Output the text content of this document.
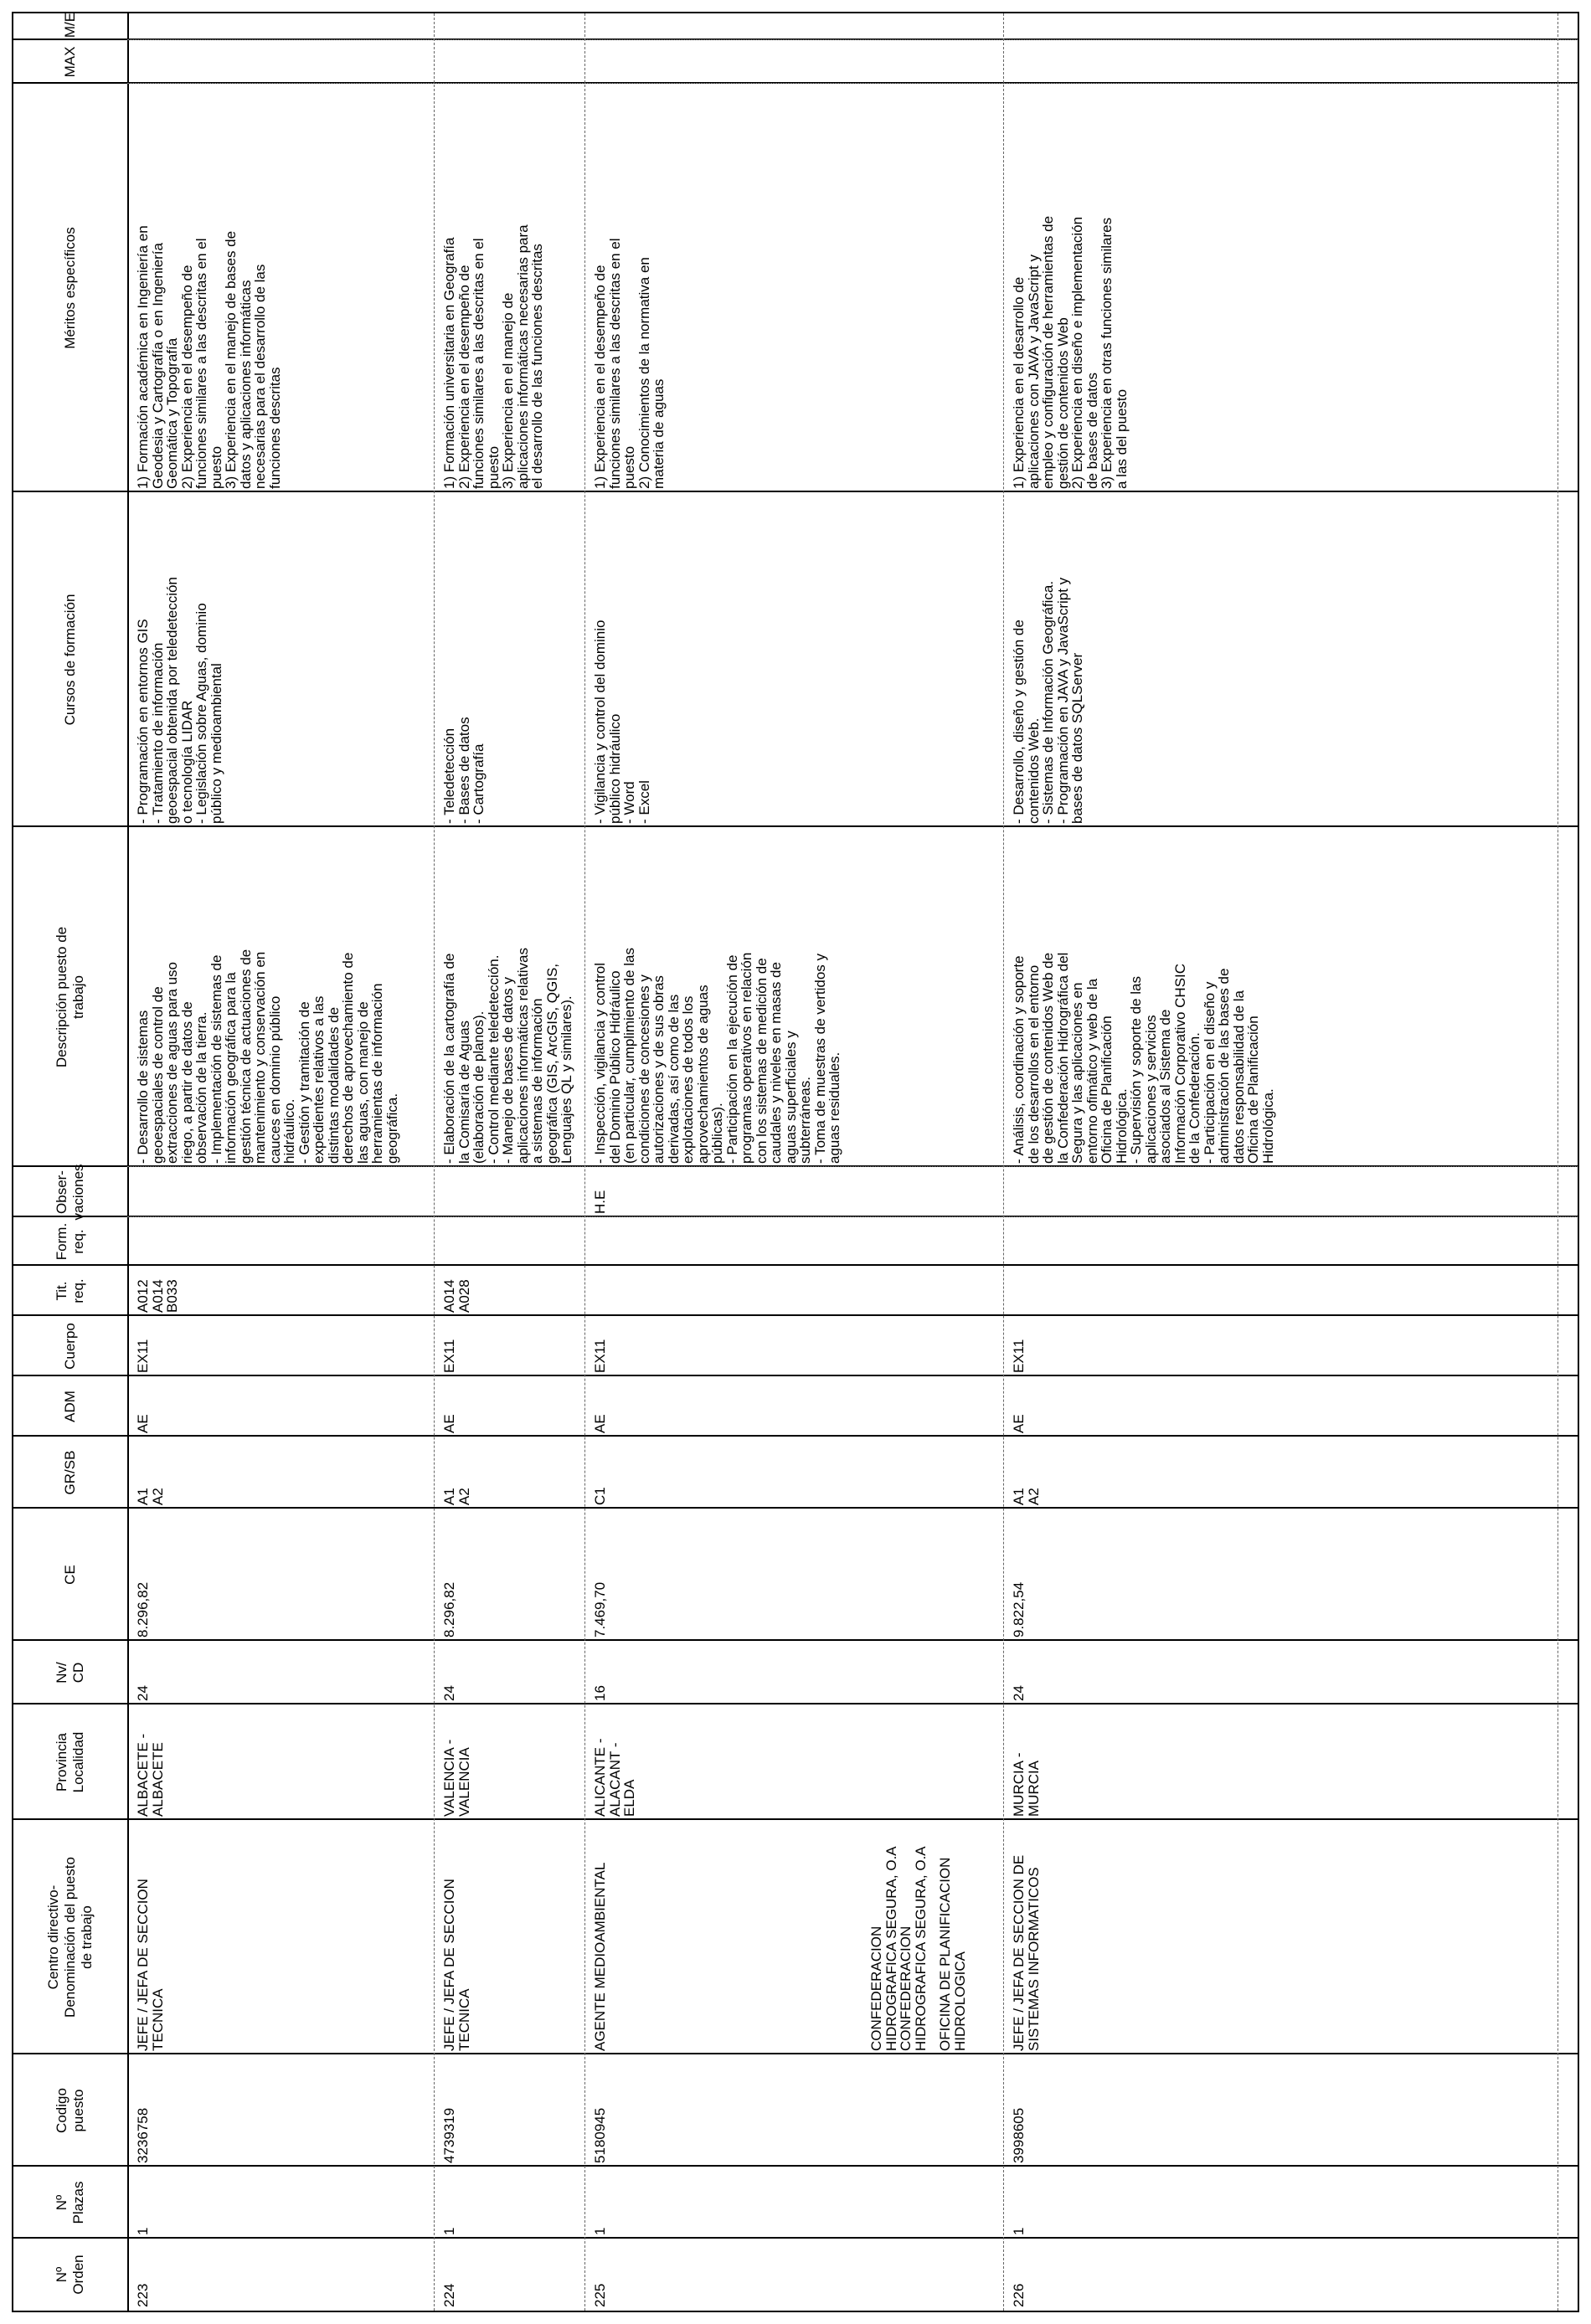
Nº
Orden
Nº
Plazas
Codigo
puesto
Centro directivo-
Denominación del puesto
de trabajo
Provincia
Localidad
Nv/
CD
CE
GR/SB
ADM
Cuerpo
Tit.
req.
Form.
req.
Obser-
vaciones
Descripción puesto de
trabajo
Cursos de formación
Méritos específicos
MAX
M/E
223
1
3236758
JEFE / JEFA DE SECCION
TECNICA
ALBACETE -
ALBACETE
24
8.296,82
A1
A2
AE
EX11
A012
A014
B033
- Desarrollo de sistemas
geoespaciales de control de
extracciones de aguas para uso
riego, a partir de datos de
observación de la tierra.
- Implementación de sistemas de
información geográfica para la
gestión técnica de actuaciones de
mantenimiento y conservación en
cauces en dominio público
hidráulico.
- Gestión y tramitación de
expedientes relativos a las
distintas modalidades de
derechos de aprovechamiento de
las aguas, con manejo de
herramientas de información
geográfica.
- Programación en entornos GIS
- Tratamiento de información
geoespacial obtenida por teledetección
o tecnología LIDAR
- Legislación sobre Aguas, dominio
público y medioambiental
1) Formación académica en Ingeniería en
Geodesia y Cartografía o en Ingeniería
Geomática y Topografía
2) Experiencia en el desempeño de
funciones similares a las descritas en el
puesto
3) Experiencia en el manejo de bases de
datos y aplicaciones informáticas
necesarias para el desarrollo de las
funciones descritas
224
1
4739319
JEFE / JEFA DE SECCION
TECNICA
VALENCIA -
VALENCIA
24
8.296,82
A1
A2
AE
EX11
A014
A028
- Elaboración de la cartografía de
la Comisaría de Aguas
(elaboración de planos).
- Control mediante teledetección.
- Manejo de bases de datos y
aplicaciones informáticas relativas
a sistemas de información
geográfica (GIS, ArcGIS, QGIS,
Lenguajes QL y similares).
- Teledetección
- Bases de datos
- Cartografía
1) Formación universitaria en Geografía
2) Experiencia en el desempeño de
funciones similares a las descritas en el
puesto
3) Experiencia en el manejo de
aplicaciones informáticas necesarias para
el desarrollo de las funciones descritas
225
1
5180945
AGENTE MEDIOAMBIENTAL
ALICANTE -
ALACANT -
ELDA
16
7.469,70
C1
AE
EX11
H.E
- Inspección, vigilancia y control
del Dominio Público Hidráulico
(en particular, cumplimiento de las
condiciones de concesiones y
autorizaciones y de sus obras
derivadas, así como de las
explotaciones de todos los
aprovechamientos de aguas
públicas).
- Participación en la ejecución de
programas operativos en relación
con los sistemas de medición de
caudales y niveles en masas de
aguas superficiales y
subterráneas.
- Toma de muestras de vertidos y
aguas residuales.
- Vigilancia y control del dominio
público hidráulico
- Word
- Excel
1) Experiencia en el desempeño de
funciones similares a las descritas en el
puesto
2) Conocimientos de la normativa en
materia de aguas
CONFEDERACION
HIDROGRAFICA SEGURA, O.A
CONFEDERACION
HIDROGRAFICA SEGURA, O.A
OFICINA DE PLANIFICACION
HIDROLOGICA
226
1
3998605
JEFE / JEFA DE SECCION DE
SISTEMAS INFORMATICOS
MURCIA -
MURCIA
24
9.822,54
A1
A2
AE
EX11
- Análisis, coordinación y soporte
de los desarrollos en el entorno
de gestión de contenidos Web de
la Confederación Hidrográfica del
Segura y las aplicaciones en
entorno ofimático y web de la
Oficina de Planificación
Hidrológica.
- Supervisión y soporte de las
aplicaciones y servicios
asociados al Sistema de
Información Corporativo CHSIC
de la Confederación.
- Participación en el diseño y
administración de las bases de
datos responsabilidad de la
Oficina de Planificación
Hidrológica.
- Desarrollo, diseño y gestión de
contenidos Web.
- Sistemas de Información Geográfica.
- Programación en JAVA y JavaScript y
bases de datos SQLServer
1) Experiencia en el desarrollo de
aplicaciones con JAVA y JavaScript y
empleo y configuración de herramientas de
gestión de contenidos Web
2) Experiencia en diseño e implementación
de bases de datos
3) Experiencia en otras funciones similares
a las del puesto
